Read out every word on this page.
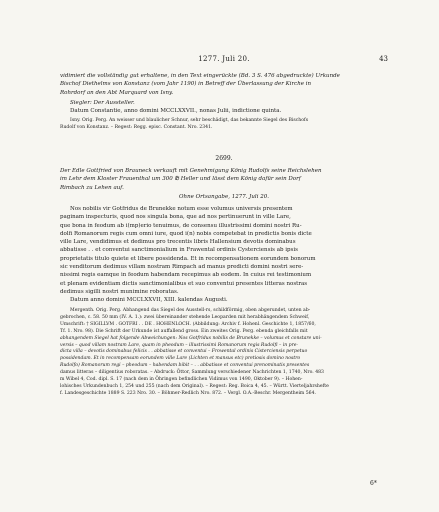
1277. Juli 20.	43

vidimiert die vollständig gut erhaltene, in den Text eingerückte (Bd. 3 S. 476 abgedruckte) Urkunde

Bischof Diethelms von Konstanz (vom Jahr 1190) in Betreff der Überlassung der Kirche in

Rohrdorf an den Abt Marquard von Isny.

Siegler: Der Aussteller.

Datum Constantie, anno domini MCCLXXVII., nonas Julii, indictione quinta.

Isny. Orig. Perg. An weisser und blaulicher Schnur, sehr beschädigt, das bekannte Siegel des Bischofs

Rudolf von Konstanz. – Regest: Regg. episc. Constant. Nro. 2341.

2699.

Der Edle Gottfried von Brauneck verkauft mit Genehmigung König Rudolfs seine Reichslehen

im Lehr dem Kloster Frauenthal um 300 ℔ Heller und lässt dem König dafür sein Dorf

Rimbach zu Lehen auf.

Ohne Ortsangabe, 1277. Juli 20.

Nos nobilis vir Gotfridus de Brunekke notum esse volumus universis presentem

paginam inspecturis, quod nos singula bona, que ad nos pertinuerunt in ville Lare,

que bona in feodum ab i(mp)erio tenuimus, de consensu illustrissimi domini nostri Ru-

dolfi Romanorum regis cum omni iure, quod i(n) nobis competebat in predictis bonis dicte

ville Lare, vendidimus et dedimus pro trecentis libris Hallensium devotis dominabus

abbatisse . . et conventui sanctimonialium in Frawental ordinis Cysterciensis ab ipsis

proprietatis titulo quiete et libere possidenda. Et in recompensationem eorundem bonorum

sic venditorum dedimus villam nostram Rimpach ad manus predicti domini nostri sere-

nissimi regis eamque in feodum habendam recepimus ab eodem. In cuius rei testimonium

et plenam evidentiam dictis sanctimonialibus et suo conventui presentes litteras nostras

dedimus sigilli nostri munimine roboratas.

Datum anno domini MCCLXXVII, XIII. kalendas Augusti.

Mergenth. Orig. Perg. Abhangend das Siegel des Ausstell-rs, schildförmig, oben abgerundet, unten ab-

gebrochen, c. 58. 50 mm (IV. A. 1.): zwei übereinander stehende Leoparden mit herabhängendem Schweif,

Umschrift: † SIGILLVM . GOTFRI . . DE . HOHENLOCH. (Abbildung: Archiv f. Hohenl. Geschichte 1, 1857/60,

Tf. 1. Nro. 98). Die Schrift der Urkunde ist auffallend gross. Ein zweites Orig. Perg. ebenda gleichfalls mit

abhangendem Siegel hat folgende Abweichungen: Nos Gotfridus nobilis de Brunekke – volumus et constare uni-

versis – quod villam nostram Lare, quam in pheodum – illustrissimi Romanorum regis Rudolfi – in pre-

dicta villa – devotis dominabus felicis . . abbatisse et conventui – Frowental ordinis Cisterciensis perpetuo

possidendam. Et in recompensam eorundem ville Lare (Lichten et mansus etc) pretiosis domino nostro

Rudolfo) Romanorum regi – pheodum – habendam bibit – . . abbatisse et conventui prenominatis presentes

damus litteras – diligentius roboratas. – Abdruck: Öttor, Sammlung verschiedener Nachrichten 1, 1740, Nro. 483

m Wibel 4, Cod. dipl. S. 17 (nach dem in Öhringen befindlichen Vidimus von 1490, Oktober 9). – Hohen-

lohisches Urkundenbuch 1, 254 und 255 (nach dem Original). – Regest: Reg. Boica 4, 45. – Württ. Vierteljahrshefte

f. Landesgeschichte 1889 S. 223 Nro. 30. – Böhmer-Redlich Nro. 872. – Vergl. O.A.-Beschr. Mergentheim 564.

6*
